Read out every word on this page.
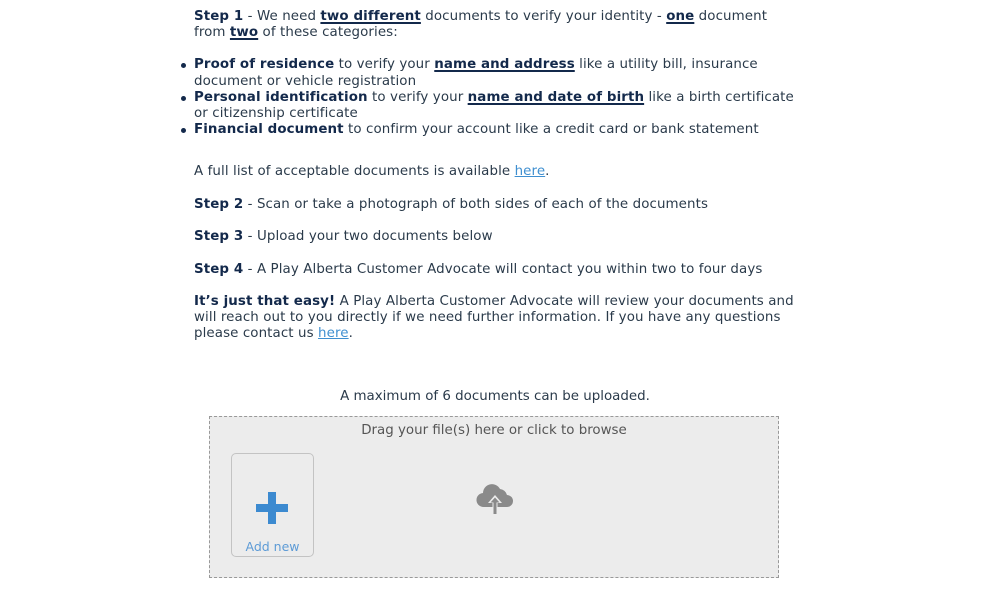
Step 1 - We need two different documents to verify your identity - one document from two of these categories:

Proof of residence to verify your name and address like a utility bill, insurance document or vehicle registration
Personal identification to verify your name and date of birth like a birth certificate or citizenship certificate
Financial document to confirm your account like a credit card or bank statement

A full list of acceptable documents is available here.

Step 2 - Scan or take a photograph of both sides of each of the documents

Step 3 - Upload your two documents below

Step 4 - A Play Alberta Customer Advocate will contact you within two to four days

It’s just that easy! A Play Alberta Customer Advocate will review your documents and will reach out to you directly if we need further information. If you have any questions please contact us here.

A maximum of 6 documents can be uploaded.
Drag your file(s) here or click to browse
Add new
